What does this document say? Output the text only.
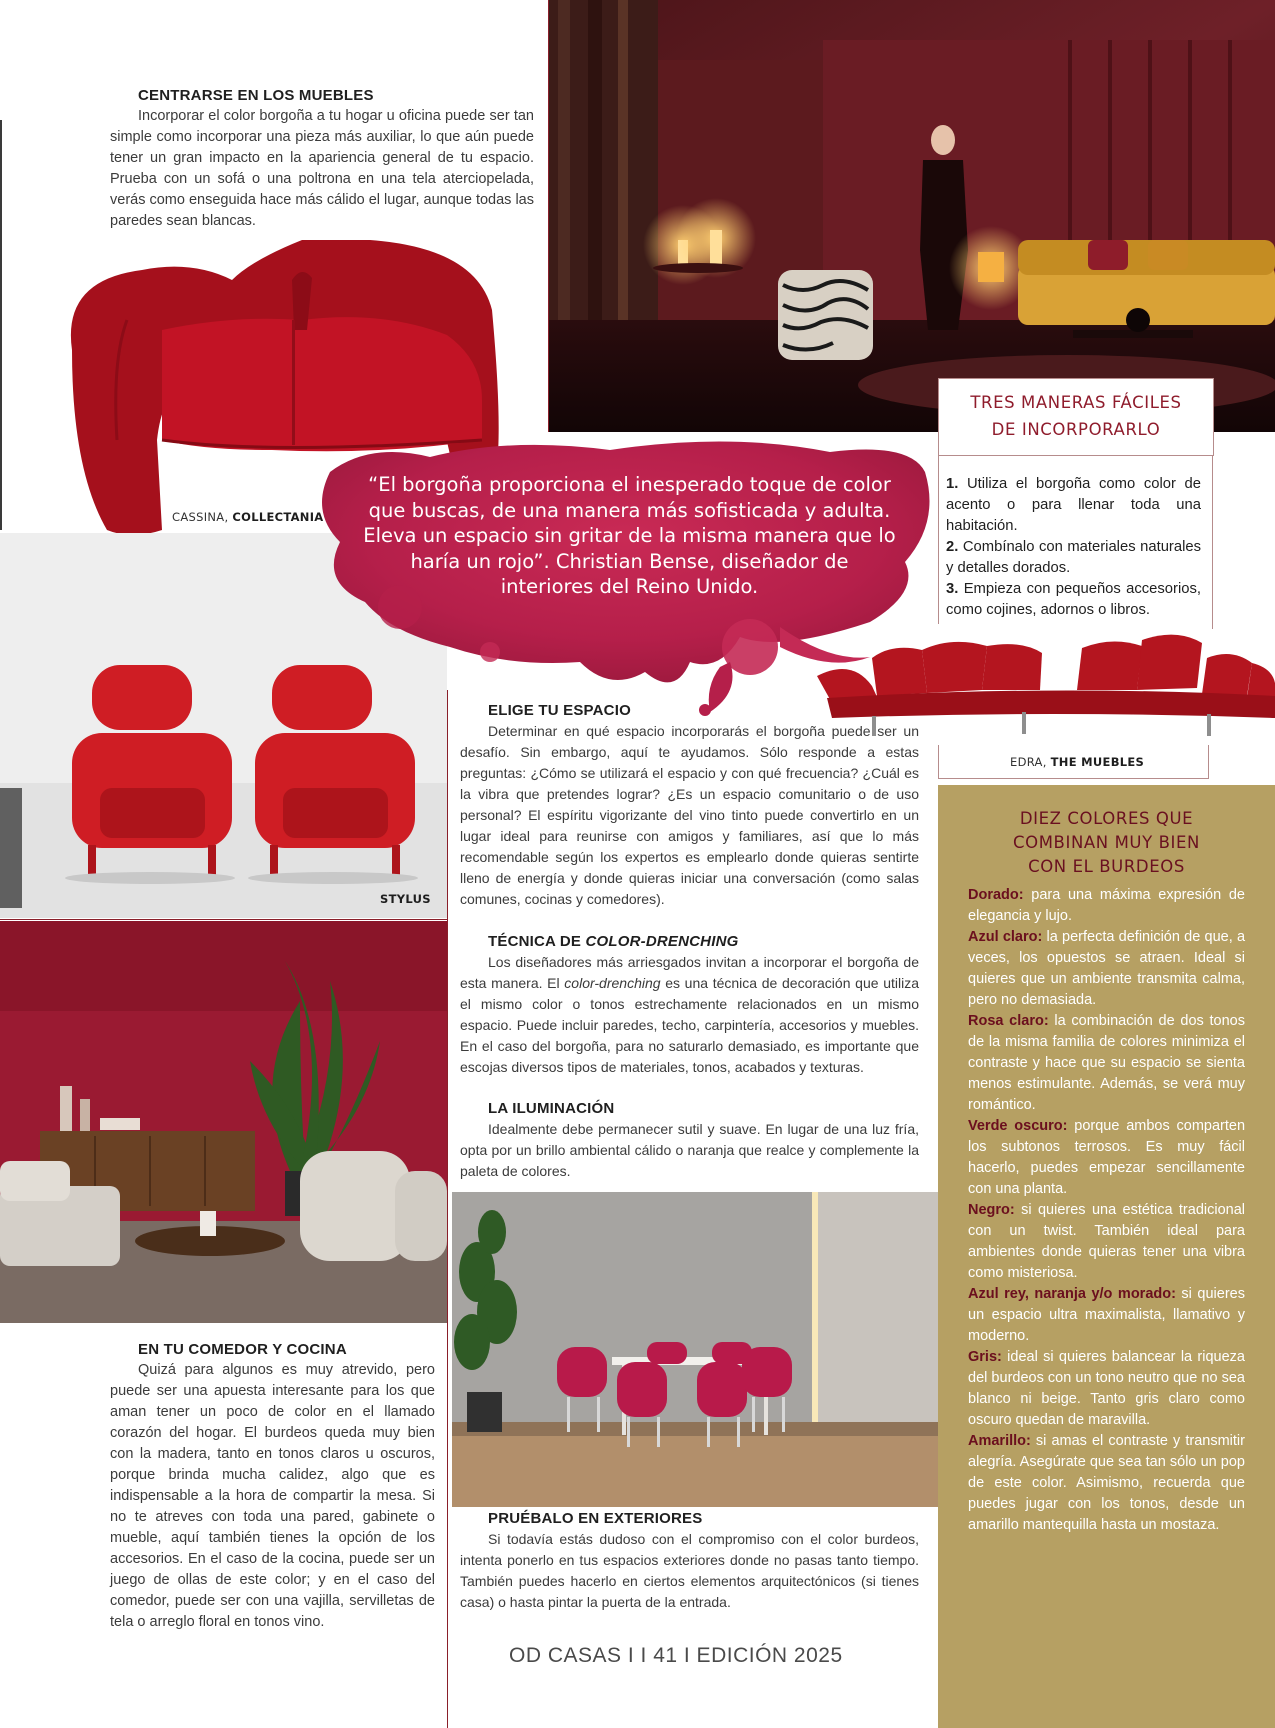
CENTRARSE EN LOS MUEBLES
Incorporar el color borgoña a tu hogar u oficina puede ser tan simple como incorporar una pieza más auxiliar, lo que aún puede tener un gran impacto en la apariencia general de tu espacio. Prueba con un sofá o una poltrona en una tela aterciopelada, verás como enseguida hace más cálido el lugar, aunque todas las paredes sean blancas.
CASSINA, COLLECTANIA
STYLUS
EDRA, THE MUEBLES
“El borgoña proporciona el inesperado toque de color que buscas, de una manera más sofisticada y adulta. Eleva un espacio sin gritar de la misma manera que lo haría un rojo”. Christian Bense, diseñador de interiores del Reino Unido.
TRES MANERAS FÁCILES
DE INCORPORARLO
1. Utiliza el borgoña como color de acento o para llenar toda una habitación.
2. Combínalo con materiales naturales y detalles dorados.
3. Empieza con pequeños accesorios, como cojines, adornos o libros.
ELIGE TU ESPACIO
Determinar en qué espacio incorporarás el borgoña puede ser un desafío. Sin embargo, aquí te ayudamos. Sólo responde a estas preguntas: ¿Cómo se utilizará el espacio y con qué frecuencia? ¿Cuál es la vibra que pretendes lograr? ¿Es un espacio comunitario o de uso personal? El espíritu vigorizante del vino tinto puede convertirlo en un lugar ideal para reunirse con amigos y familiares, así que lo más recomendable según los expertos es emplearlo donde quieras sentirte lleno de energía y donde quieras iniciar una conversación (como salas comunes, cocinas y comedores).
TÉCNICA DE COLOR-DRENCHING
Los diseñadores más arriesgados invitan a incorporar el borgoña de esta manera. El color-drenching es una técnica de decoración que utiliza el mismo color o tonos estrechamente relacionados en un mismo espacio. Puede incluir paredes, techo, carpintería, accesorios y muebles. En el caso del borgoña, para no saturarlo demasiado, es importante que escojas diversos tipos de materiales, tonos, acabados y texturas.
LA ILUMINACIÓN
Idealmente debe permanecer sutil y suave. En lugar de una luz fría, opta por un brillo ambiental cálido o naranja que realce y complemente la paleta de colores.
EN TU COMEDOR Y COCINA
Quizá para algunos es muy atrevido, pero puede ser una apuesta interesante para los que aman tener un poco de color en el llamado corazón del hogar. El burdeos queda muy bien con la madera, tanto en tonos claros u oscuros, porque brinda mucha calidez, algo que es indispensable a la hora de compartir la mesa. Si no te atreves con toda una pared, gabinete o mueble, aquí también tienes la opción de los accesorios. En el caso de la cocina, puede ser un juego de ollas de este color; y en el caso del comedor, puede ser con una vajilla, servilletas de tela o arreglo floral en tonos vino.
PRUÉBALO EN EXTERIORES
Si todavía estás dudoso con el compromiso con el color burdeos, intenta ponerlo en tus espacios exteriores donde no pasas tanto tiempo. También puedes hacerlo en ciertos elementos arquitectónicos (si tienes casa) o hasta pintar la puerta de la entrada.
DIEZ COLORES QUE
COMBINAN MUY BIEN
CON EL BURDEOS
Dorado: para una máxima expresión de elegancia y lujo.
Azul claro: la perfecta definición de que, a veces, los opuestos se atraen. Ideal si quieres que un ambiente transmita calma, pero no demasiada.
Rosa claro: la combinación de dos tonos de la misma familia de colores minimiza el contraste y hace que su espacio se sienta menos estimulante. Además, se verá muy romántico.
Verde oscuro: porque ambos comparten los subtonos terrosos. Es muy fácil hacerlo, puedes empezar sencillamente con una planta.
Negro: si quieres una estética tradicional con un twist. También ideal para ambientes donde quieras tener una vibra como misteriosa.
Azul rey, naranja y/o morado: si quieres un espacio ultra maximalista, llamativo y moderno.
Gris: ideal si quieres balancear la riqueza del burdeos con un tono neutro que no sea blanco ni beige. Tanto gris claro como oscuro quedan de maravilla.
Amarillo: si amas el contraste y transmitir alegría. Asegúrate que sea tan sólo un pop de este color. Asimismo, recuerda que puedes jugar con los tonos, desde un amarillo mantequilla hasta un mostaza.
OD CASAS I I 41 I EDICIÓN 2025
